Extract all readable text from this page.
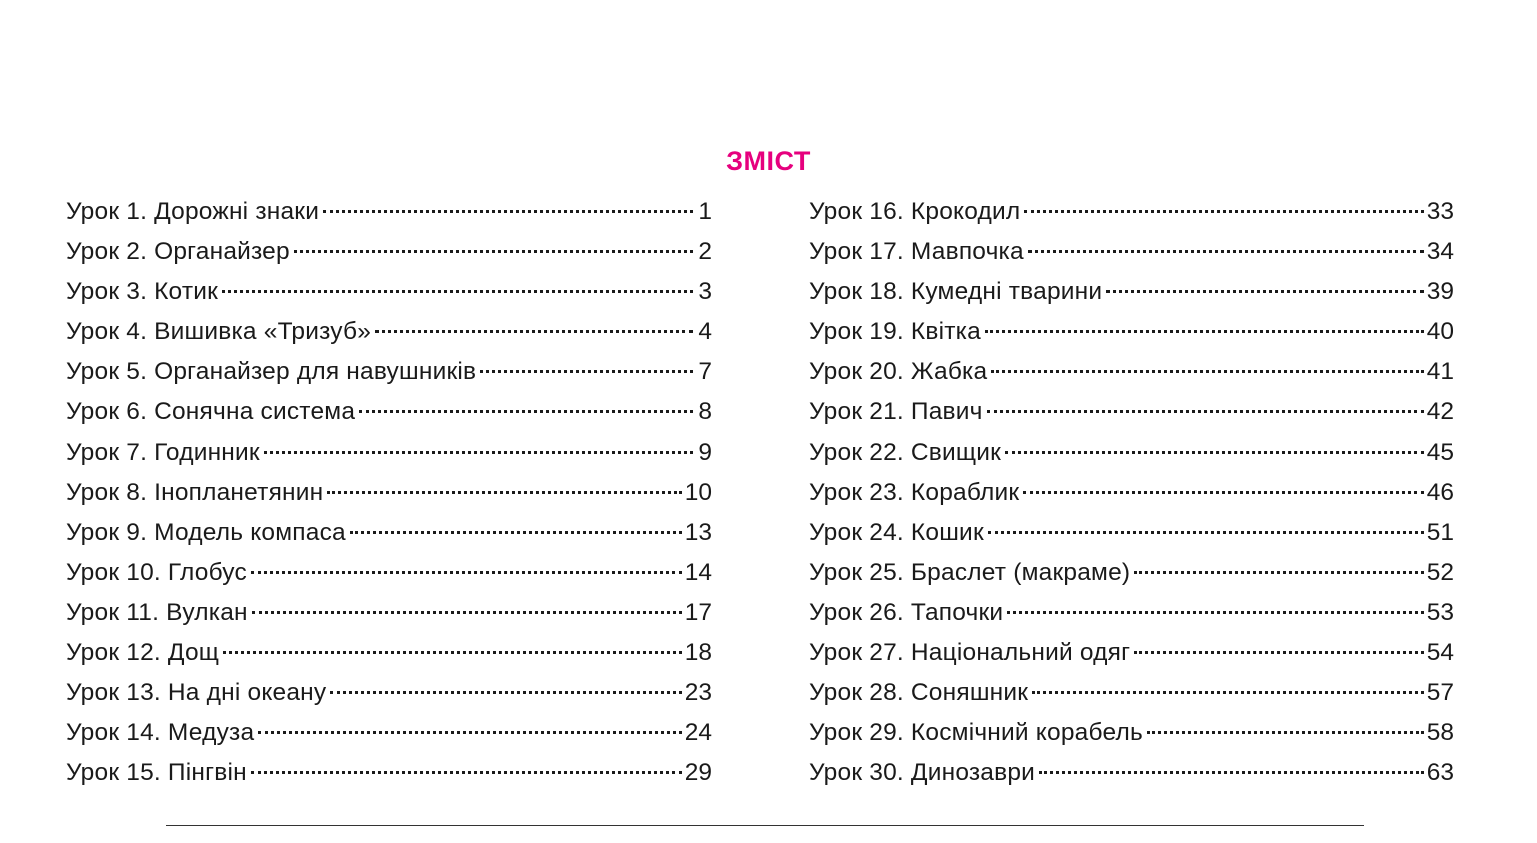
ЗМІСТ
Урок 1. Дорожні знаки	1
Урок 2. Органайзер	2
Урок 3. Котик	3
Урок 4. Вишивка «Тризуб»	4
Урок 5. Органайзер для навушників	7
Урок 6. Сонячна система	8
Урок 7. Годинник	9
Урок 8. Інопланетянин	10
Урок 9. Модель компаса	13
Урок 10. Глобус	14
Урок 11. Вулкан	17
Урок 12. Дощ	18
Урок 13. На дні океану	23
Урок 14. Медуза	24
Урок 15. Пінгвін	29
Урок 16. Крокодил	33
Урок 17. Мавпочка	34
Урок 18. Кумедні тварини	39
Урок 19. Квітка	40
Урок 20. Жабка	41
Урок 21. Павич	42
Урок 22. Свищик	45
Урок 23. Кораблик	46
Урок 24. Кошик	51
Урок 25. Браслет (макраме)	52
Урок 26. Тапочки	53
Урок 27. Національний одяг	54
Урок 28. Соняшник	57
Урок 29. Космічний корабель	58
Урок 30. Динозаври	63
